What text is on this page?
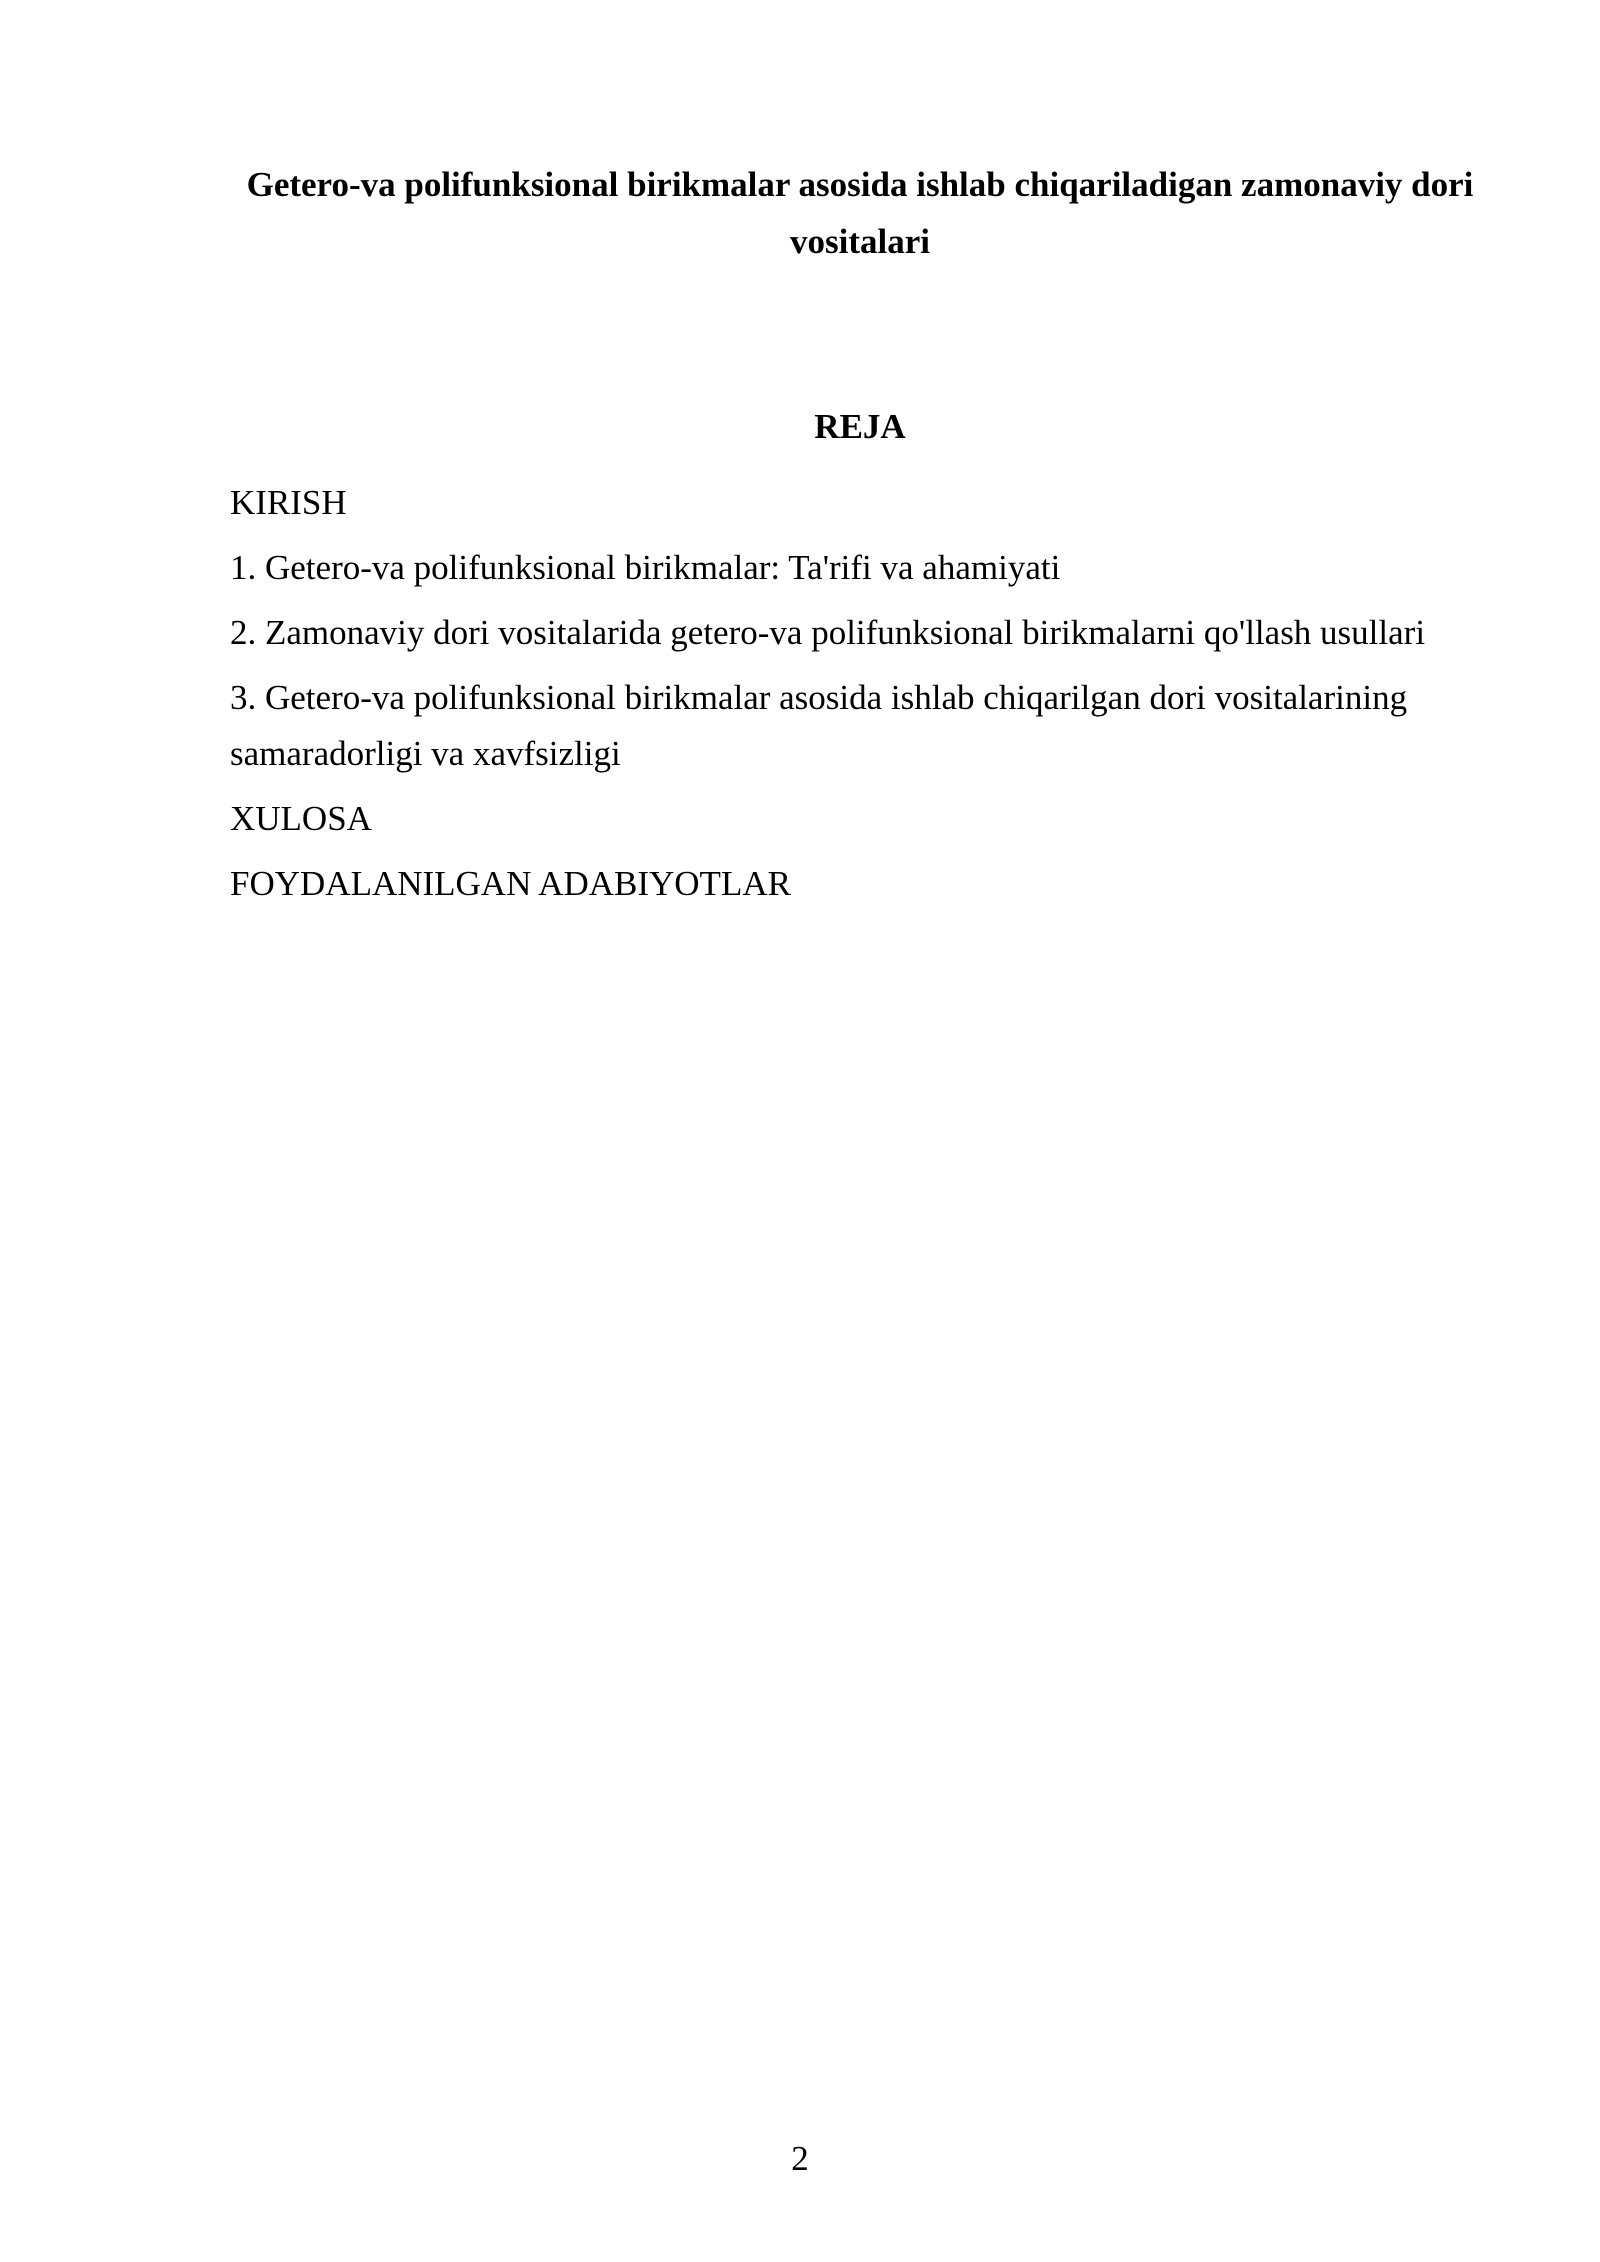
Getero-va polifunksional birikmalar asosida ishlab chiqariladigan zamonaviy dori vositalari
REJA
KIRISH
1. Getero-va polifunksional birikmalar: Ta'rifi va ahamiyati
2. Zamonaviy dori vositalarida getero-va polifunksional birikmalarni qo'llash usullari
3. Getero-va polifunksional birikmalar asosida ishlab chiqarilgan dori vositalarining samaradorligi va xavfsizligi
XULOSA
FOYDALANILGAN ADABIYOTLAR
2
